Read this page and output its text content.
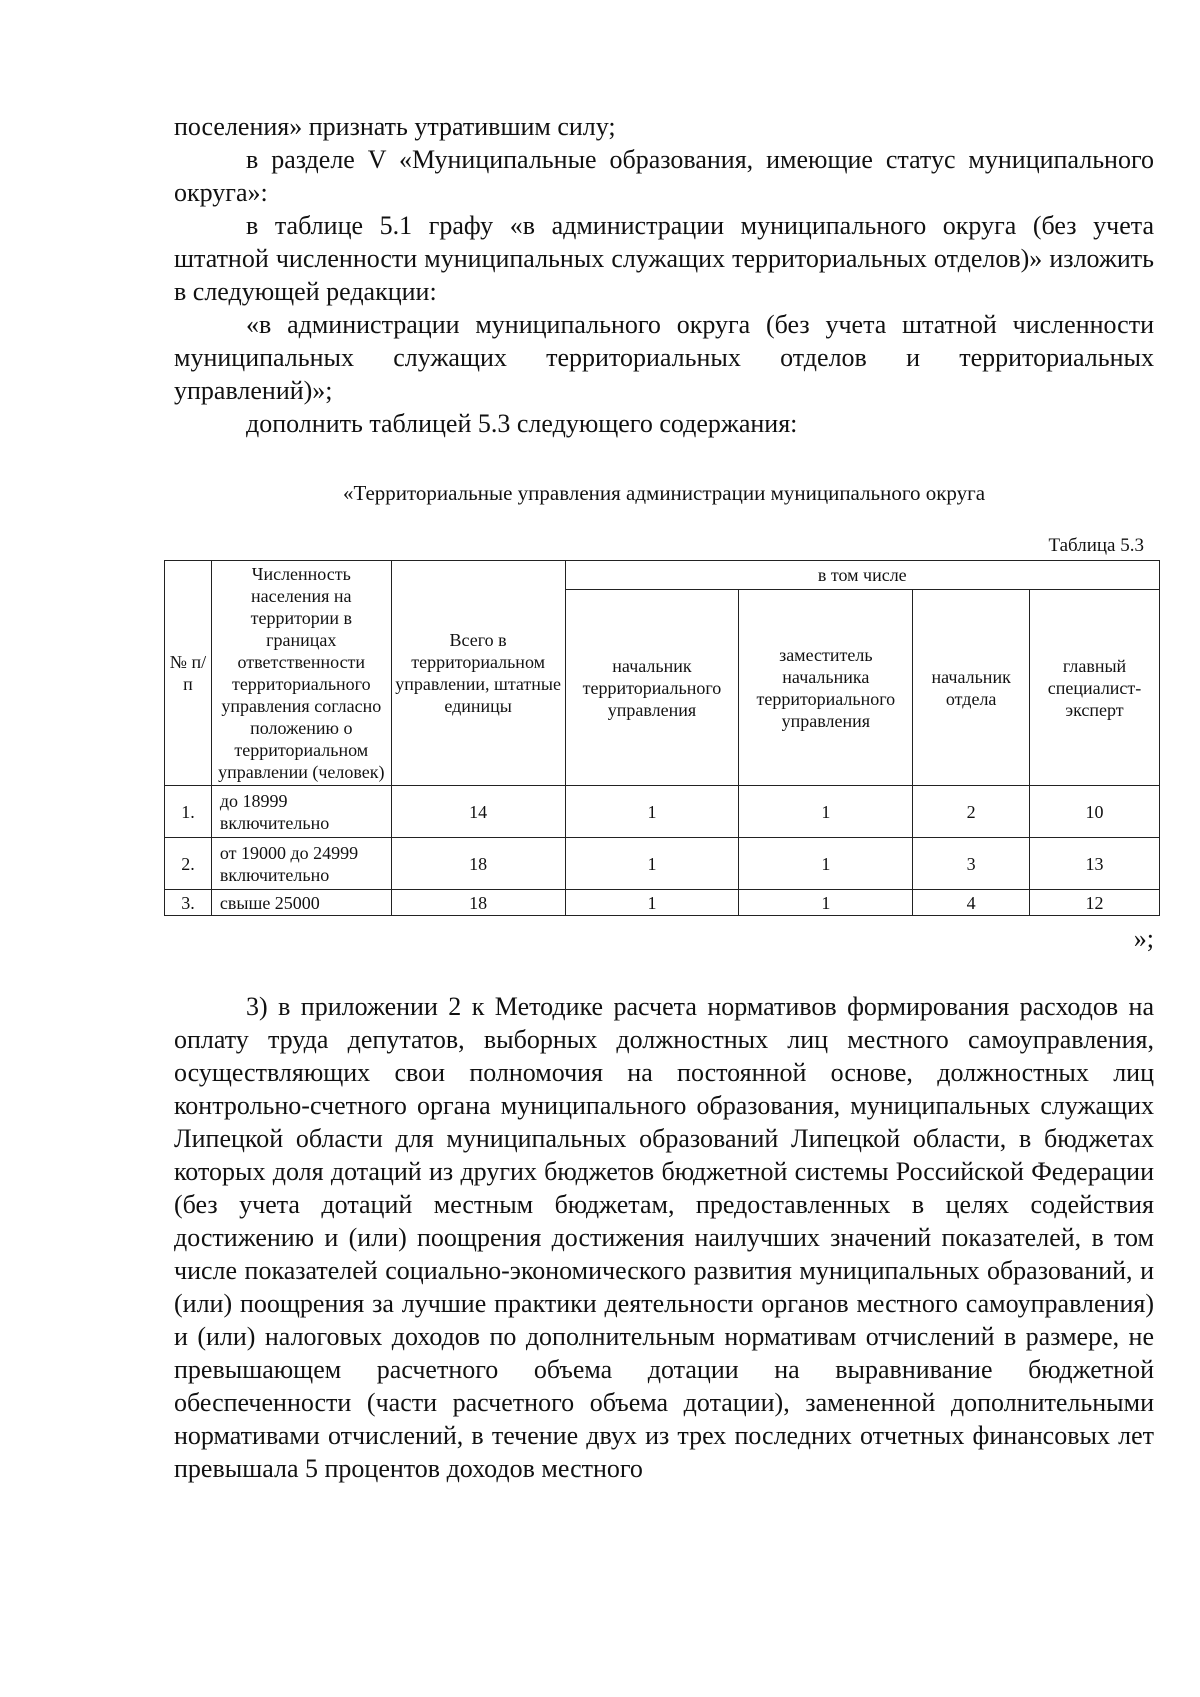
поселения» признать утратившим силу;

в разделе V «Муниципальные образования, имеющие статус муниципального округа»:

в таблице 5.1 графу «в администрации муниципального округа (без учета штатной численности муниципальных служащих территориальных отделов)» изложить в следующей редакции:

«в администрации муниципального округа (без учета штатной численности муниципальных служащих территориальных отделов и территориальных управлений)»;

дополнить таблицей 5.3 следующего содержания:

«Территориальные управления администрации муниципального округа
Таблица 5.3
№ п/п	Численность населения на территории в границах ответственности территориального управления согласно положению о территориальном управлении (человек)	Всего в территориальном управлении, штатные единицы	в том числе			
			начальник территориального управления	заместитель начальника территориального управления	начальник отдела	главный специалист-эксперт
1.	до 18999 включительно	14	1	1	2	10
2.	от 19000 до 24999 включительно	18	1	1	3	13
3.	свыше 25000	18	1	1	4	12
»;

3) в приложении 2 к Методике расчета нормативов формирования расходов на оплату труда депутатов, выборных должностных лиц местного самоуправления, осуществляющих свои полномочия на постоянной основе, должностных лиц контрольно-счетного органа муниципального образования, муниципальных служащих Липецкой области для муниципальных образований Липецкой области, в бюджетах которых доля дотаций из других бюджетов бюджетной системы Российской Федерации (без учета дотаций местным бюджетам, предоставленных в целях содействия достижению и (или) поощрения достижения наилучших значений показателей, в том числе показателей социально-экономического развития муниципальных образований, и (или) поощрения за лучшие практики деятельности органов местного самоуправления) и (или) налоговых доходов по дополнительным нормативам отчислений в размере, не превышающем расчетного объема дотации на выравнивание бюджетной обеспеченности (части расчетного объема дотации), замененной дополнительными нормативами отчислений, в течение двух из трех последних отчетных финансовых лет превышала 5 процентов доходов местного
